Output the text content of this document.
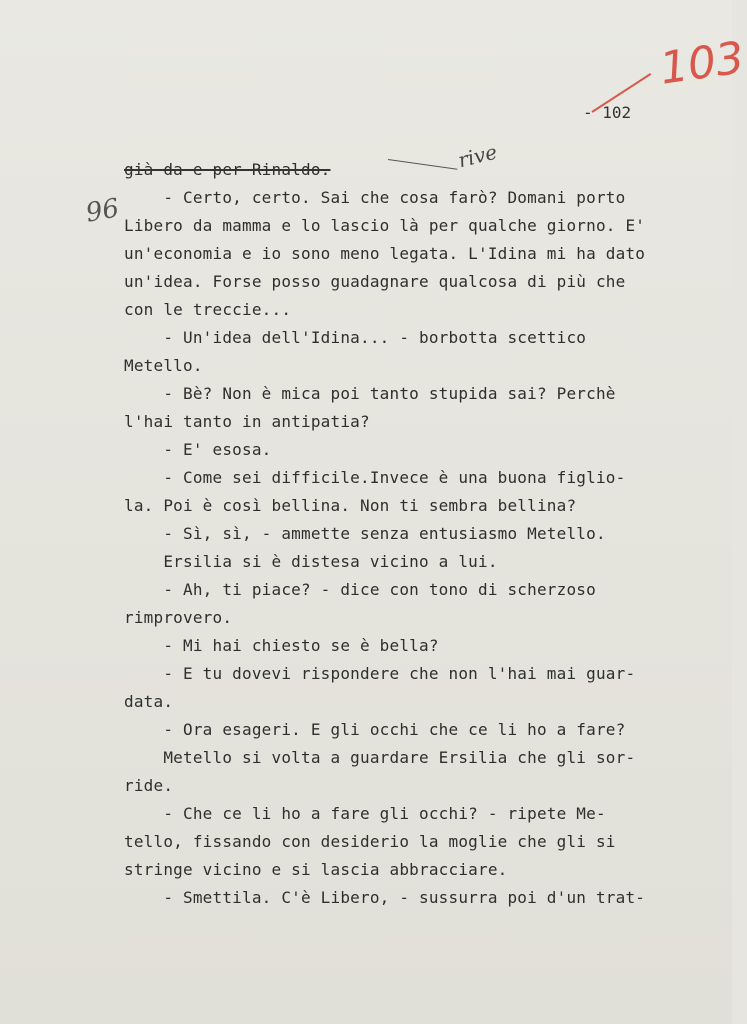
103
- 102
rive
96
già da e per Rinaldo.
- Certo, certo. Sai che cosa farò? Domani porto
Libero da mamma e lo lascio là per qualche giorno. E'
un'economia e io sono meno legata. L'Idina mi ha dato
un'idea. Forse posso guadagnare qualcosa di più che
con le treccie...
- Un'idea dell'Idina... - borbotta scettico
Metello.
- Bè? Non è mica poi tanto stupida sai? Perchè
l'hai tanto in antipatia?
- E' esosa.
- Come sei difficile.Invece è una buona figlio-
la. Poi è così bellina. Non ti sembra bellina?
- Sì, sì, - ammette senza entusiasmo Metello.
Ersilia si è distesa vicino a lui.
- Ah, ti piace? - dice con tono di scherzoso
rimprovero.
- Mi hai chiesto se è bella?
- E tu dovevi rispondere che non l'hai mai guar-
data.
- Ora esageri. E gli occhi che ce li ho a fare?
Metello si volta a guardare Ersilia che gli sor-
ride.
- Che ce li ho a fare gli occhi? - ripete Me-
tello, fissando con desiderio la moglie che gli si
stringe vicino e si lascia abbracciare.
- Smettila. C'è Libero, - sussurra poi d'un trat-
